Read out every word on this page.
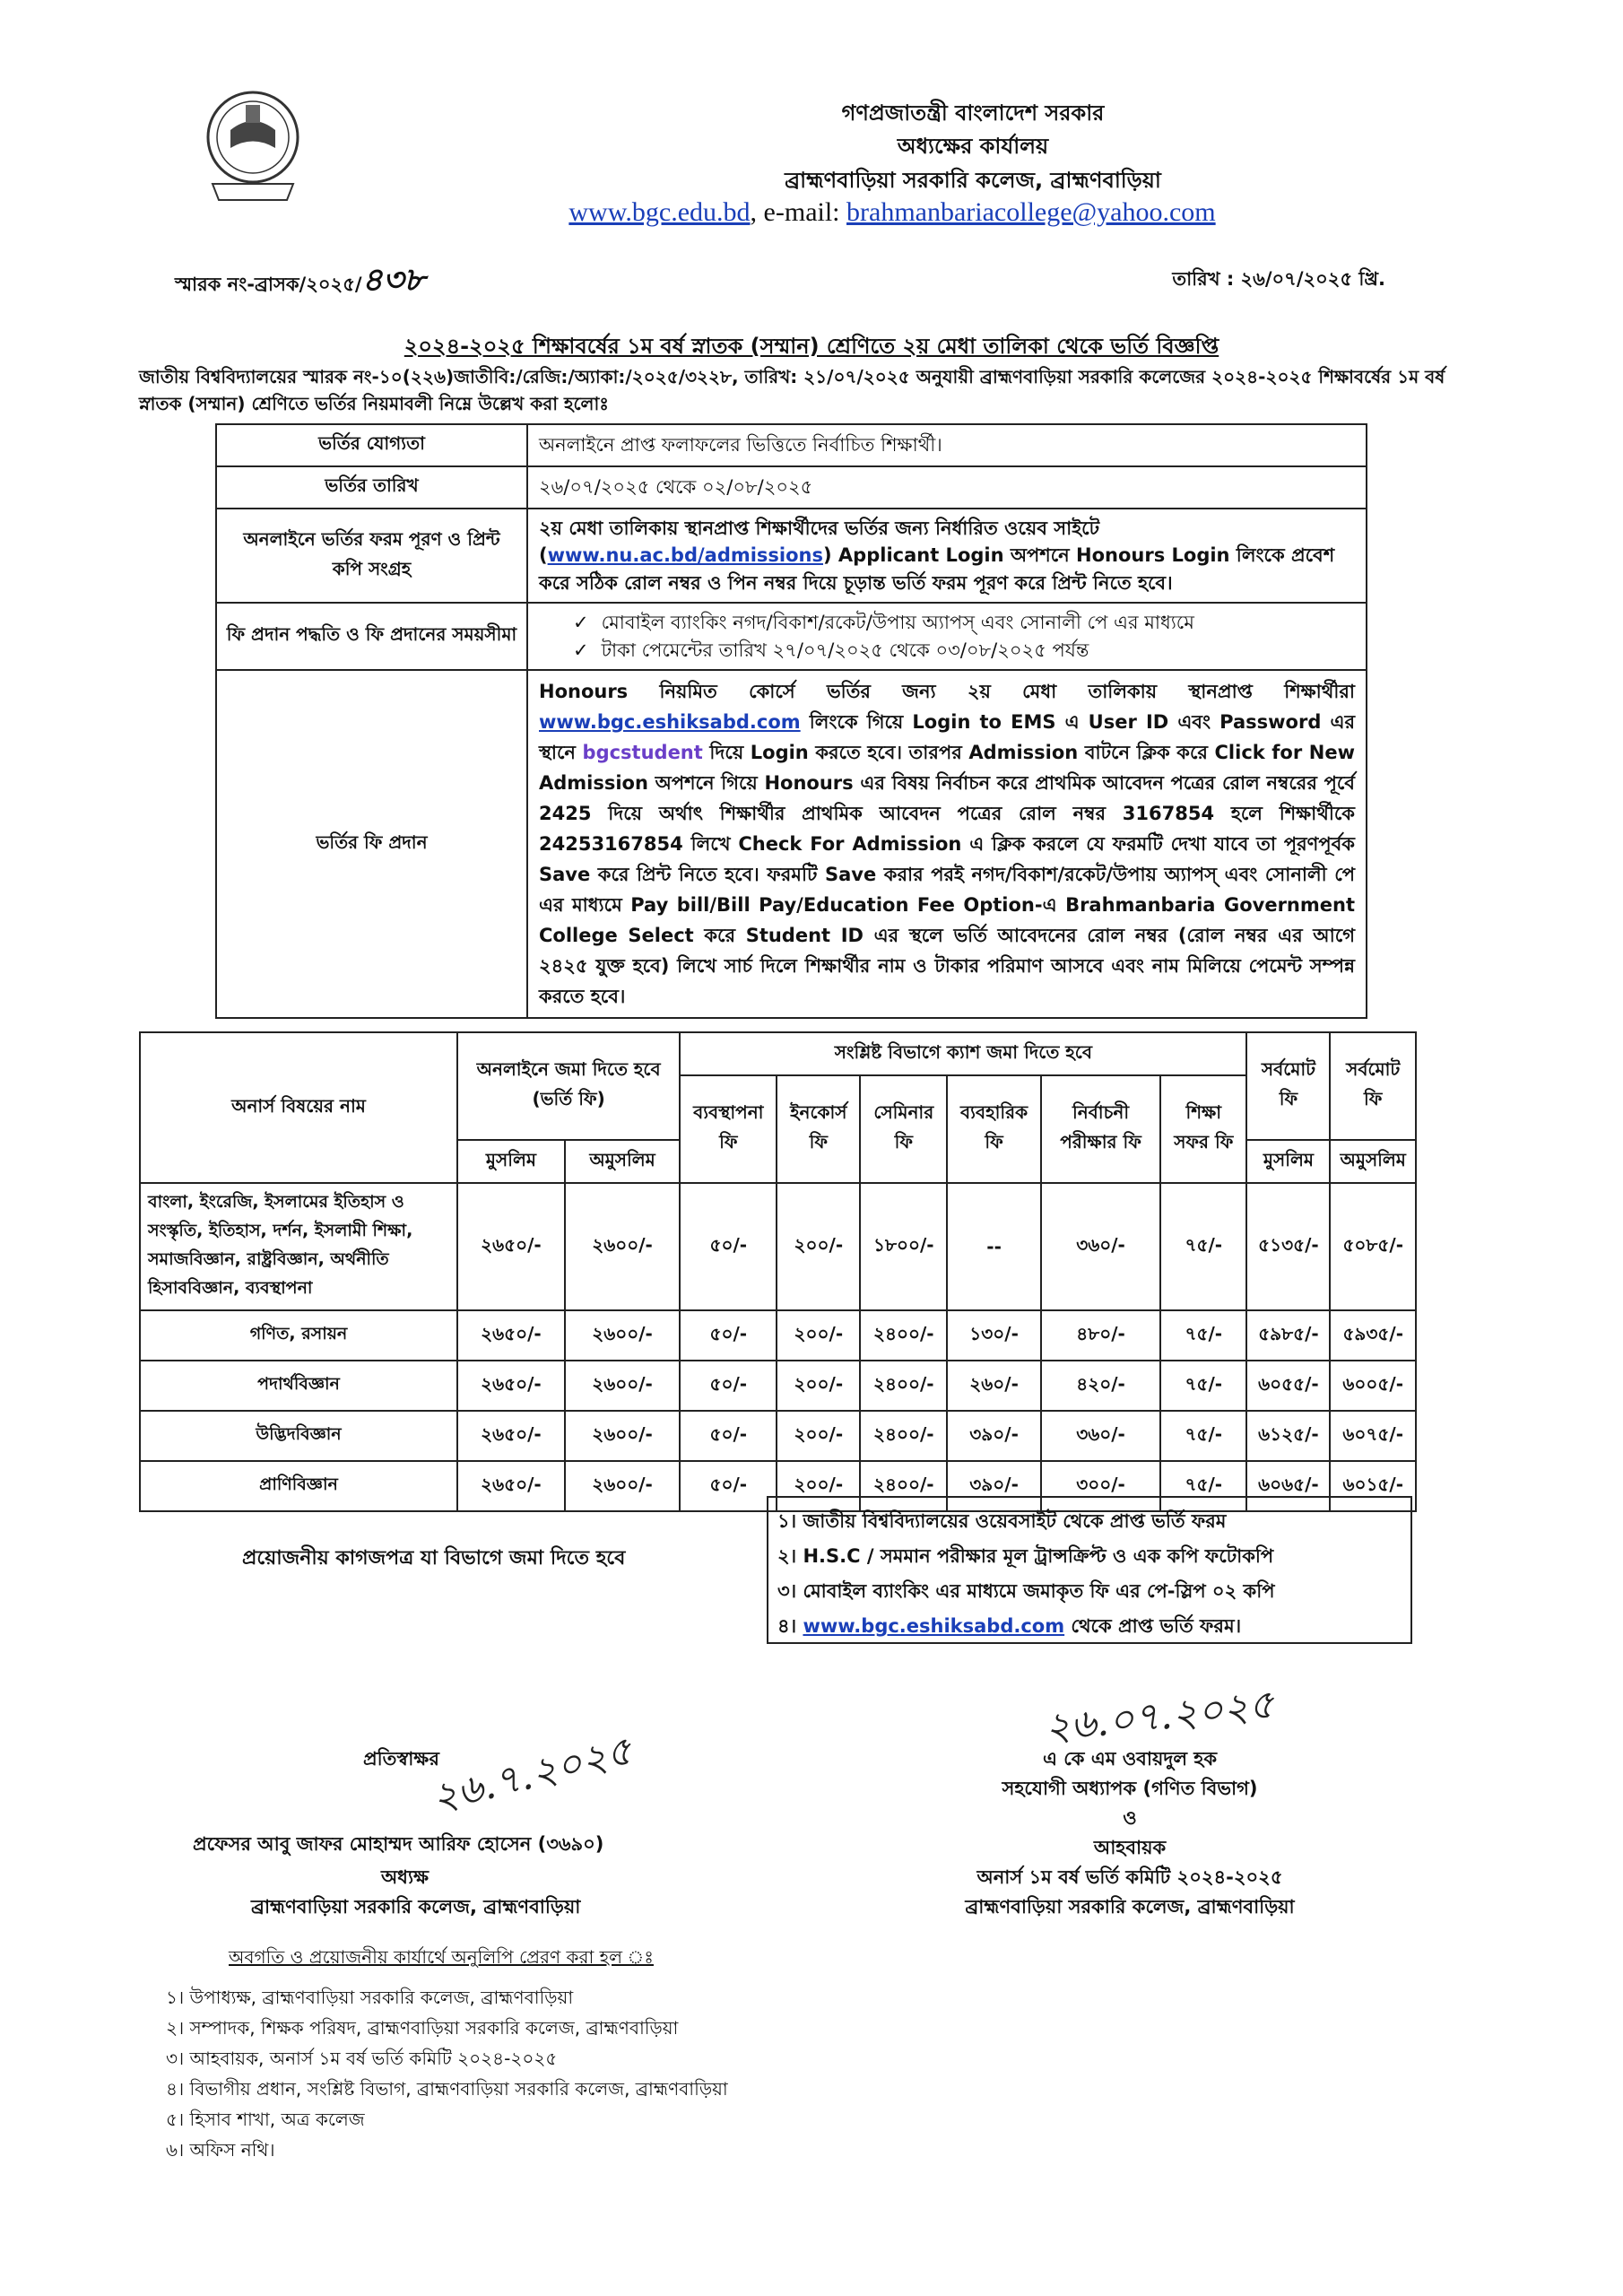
গণপ্রজাতন্ত্রী বাংলাদেশ সরকার
অধ্যক্ষের কার্যালয়
ব্রাহ্মণবাড়িয়া সরকারি কলেজ, ব্রাহ্মণবাড়িয়া
www.bgc.edu.bd, e-mail: brahmanbariacollege@yahoo.com
স্মারক নং-ব্রাসক/২০২৫/৪৩৮	তারিখ : ২৬/০৭/২০২৫ খ্রি.
২০২৪-২০২৫ শিক্ষাবর্ষের ১ম বর্ষ স্নাতক (সম্মান) শ্রেণিতে ২য় মেধা তালিকা থেকে ভর্তি বিজ্ঞপ্তি
জাতীয় বিশ্ববিদ্যালয়ের স্মারক নং-১০(২২৬)জাতীবি:/রেজি:/অ্যাকা:/২০২৫/৩২২৮, তারিখ: ২১/০৭/২০২৫ অনুযায়ী ব্রাহ্মণবাড়িয়া সরকারি কলেজের ২০২৪-২০২৫ শিক্ষাবর্ষের ১ম বর্ষ স্নাতক (সম্মান) শ্রেণিতে ভর্তির নিয়মাবলী নিম্নে উল্লেখ করা হলোঃ
ভর্তির যোগ্যতা	অনলাইনে প্রাপ্ত ফলাফলের ভিত্তিতে নির্বাচিত শিক্ষার্থী।
ভর্তির তারিখ	২৬/০৭/২০২৫ থেকে ০২/০৮/২০২৫
অনলাইনে ভর্তির ফরম পূরণ ও প্রিন্ট কপি সংগ্রহ	২য় মেধা তালিকায় স্থানপ্রাপ্ত শিক্ষার্থীদের ভর্তির জন্য নির্ধারিত ওয়েব সাইটে (www.nu.ac.bd/admissions) Applicant Login অপশনে Honours Login লিংকে প্রবেশ করে সঠিক রোল নম্বর ও পিন নম্বর দিয়ে চূড়ান্ত ভর্তি ফরম পূরণ করে প্রিন্ট নিতে হবে।
ফি প্রদান পদ্ধতি ও ফি প্রদানের সময়সীমা	✓ মোবাইল ব্যাংকিং নগদ/বিকাশ/রকেট/উপায় অ্যাপস্ এবং সোনালী পে এর মাধ্যমে
✓ টাকা পেমেন্টের তারিখ ২৭/০৭/২০২৫ থেকে ০৩/০৮/২০২৫ পর্যন্ত

ভর্তির ফি প্রদান	Honours নিয়মিত কোর্সে ভর্তির জন্য ২য় মেধা তালিকায় স্থানপ্রাপ্ত শিক্ষার্থীরা www.bgc.eshiksabd.com লিংকে গিয়ে Login to EMS এ User ID এবং Password এর স্থানে bgcstudent দিয়ে Login করতে হবে। তারপর Admission বাটনে ক্লিক করে Click for New Admission অপশনে গিয়ে Honours এর বিষয় নির্বাচন করে প্রাথমিক আবেদন পত্রের রোল নম্বরের পূর্বে 2425 দিয়ে অর্থাৎ শিক্ষার্থীর প্রাথমিক আবেদন পত্রের রোল নম্বর 3167854 হলে শিক্ষার্থীকে 24253167854 লিখে Check For Admission এ ক্লিক করলে যে ফরমটি দেখা যাবে তা পূরণপূর্বক Save করে প্রিন্ট নিতে হবে। ফরমটি Save করার পরই নগদ/বিকাশ/রকেট/উপায় অ্যাপস্ এবং সোনালী পে এর মাধ্যমে Pay bill/Bill Pay/Education Fee Option-এ Brahmanbaria Government College Select করে Student ID এর স্থলে ভর্তি আবেদনের রোল নম্বর (রোল নম্বর এর আগে ২৪২৫ যুক্ত হবে) লিখে সার্চ দিলে শিক্ষার্থীর নাম ও টাকার পরিমাণ আসবে এবং নাম মিলিয়ে পেমেন্ট সম্পন্ন করতে হবে।
অনার্স বিষয়ের নাম	অনলাইনে জমা দিতে হবে (ভর্তি ফি)		সংশ্লিষ্ট বিভাগে ক্যাশ জমা দিতে হবে						সর্বমোট ফি	সর্বমোট ফি
			ব্যবস্থাপনা ফি	ইনকোর্স ফি	সেমিনার ফি	ব্যবহারিক ফি	নির্বাচনী পরীক্ষার ফি	শিক্ষা সফর ফি		
	মুসলিম	অমুসলিম							মুসলিম	অমুসলিম
বাংলা, ইংরেজি, ইসলামের ইতিহাস ও সংস্কৃতি, ইতিহাস, দর্শন, ইসলামী শিক্ষা, সমাজবিজ্ঞান, রাষ্ট্রবিজ্ঞান, অর্থনীতি হিসাববিজ্ঞান, ব্যবস্থাপনা	২৬৫০/-	২৬০০/-	৫০/-	২০০/-	১৮০০/-	--	৩৬০/-	৭৫/-	৫১৩৫/-	৫০৮৫/-
গণিত, রসায়ন	২৬৫০/-	২৬০০/-	৫০/-	২০০/-	২৪০০/-	১৩০/-	৪৮০/-	৭৫/-	৫৯৮৫/-	৫৯৩৫/-
পদার্থবিজ্ঞান	২৬৫০/-	২৬০০/-	৫০/-	২০০/-	২৪০০/-	২৬০/-	৪২০/-	৭৫/-	৬০৫৫/-	৬০০৫/-
উদ্ভিদবিজ্ঞান	২৬৫০/-	২৬০০/-	৫০/-	২০০/-	২৪০০/-	৩৯০/-	৩৬০/-	৭৫/-	৬১২৫/-	৬০৭৫/-
প্রাণিবিজ্ঞান	২৬৫০/-	২৬০০/-	৫০/-	২০০/-	২৪০০/-	৩৯০/-	৩০০/-	৭৫/-	৬০৬৫/-	৬০১৫/-
প্রয়োজনীয় কাগজপত্র যা বিভাগে জমা দিতে হবে
১। জাতীয় বিশ্ববিদ্যালয়ের ওয়েবসাইট থেকে প্রাপ্ত ভর্তি ফরম
২। H.S.C / সমমান পরীক্ষার মূল ট্রান্সক্রিপ্ট ও এক কপি ফটোকপি
৩। মোবাইল ব্যাংকিং এর মাধ্যমে জমাকৃত ফি এর পে-স্লিপ ০২ কপি
৪। www.bgc.eshiksabd.com থেকে প্রাপ্ত ভর্তি ফরম।
প্রতিস্বাক্ষর
২৬.৭.২০২৫
প্রফেসর আবু জাফর মোহাম্মদ আরিফ হোসেন (৩৬৯০)
অধ্যক্ষ
ব্রাহ্মণবাড়িয়া সরকারি কলেজ, ব্রাহ্মণবাড়িয়া
২৬.০৭.২০২৫
এ কে এম ওবায়দুল হক
সহযোগী অধ্যাপক (গণিত বিভাগ)
ও
আহবায়ক
অনার্স ১ম বর্ষ ভর্তি কমিটি ২০২৪-২০২৫
ব্রাহ্মণবাড়িয়া সরকারি কলেজ, ব্রাহ্মণবাড়িয়া
অবগতি ও প্রয়োজনীয় কার্যার্থে অনুলিপি প্রেরণ করা হল ঃ
১। উপাধ্যক্ষ, ব্রাহ্মণবাড়িয়া সরকারি কলেজ, ব্রাহ্মণবাড়িয়া
২। সম্পাদক, শিক্ষক পরিষদ, ব্রাহ্মণবাড়িয়া সরকারি কলেজ, ব্রাহ্মণবাড়িয়া
৩। আহবায়ক, অনার্স ১ম বর্ষ ভর্তি কমিটি ২০২৪-২০২৫
৪। বিভাগীয় প্রধান, সংশ্লিষ্ট বিভাগ, ব্রাহ্মণবাড়িয়া সরকারি কলেজ, ব্রাহ্মণবাড়িয়া
৫। হিসাব শাখা, অত্র কলেজ
৬। অফিস নথি।
